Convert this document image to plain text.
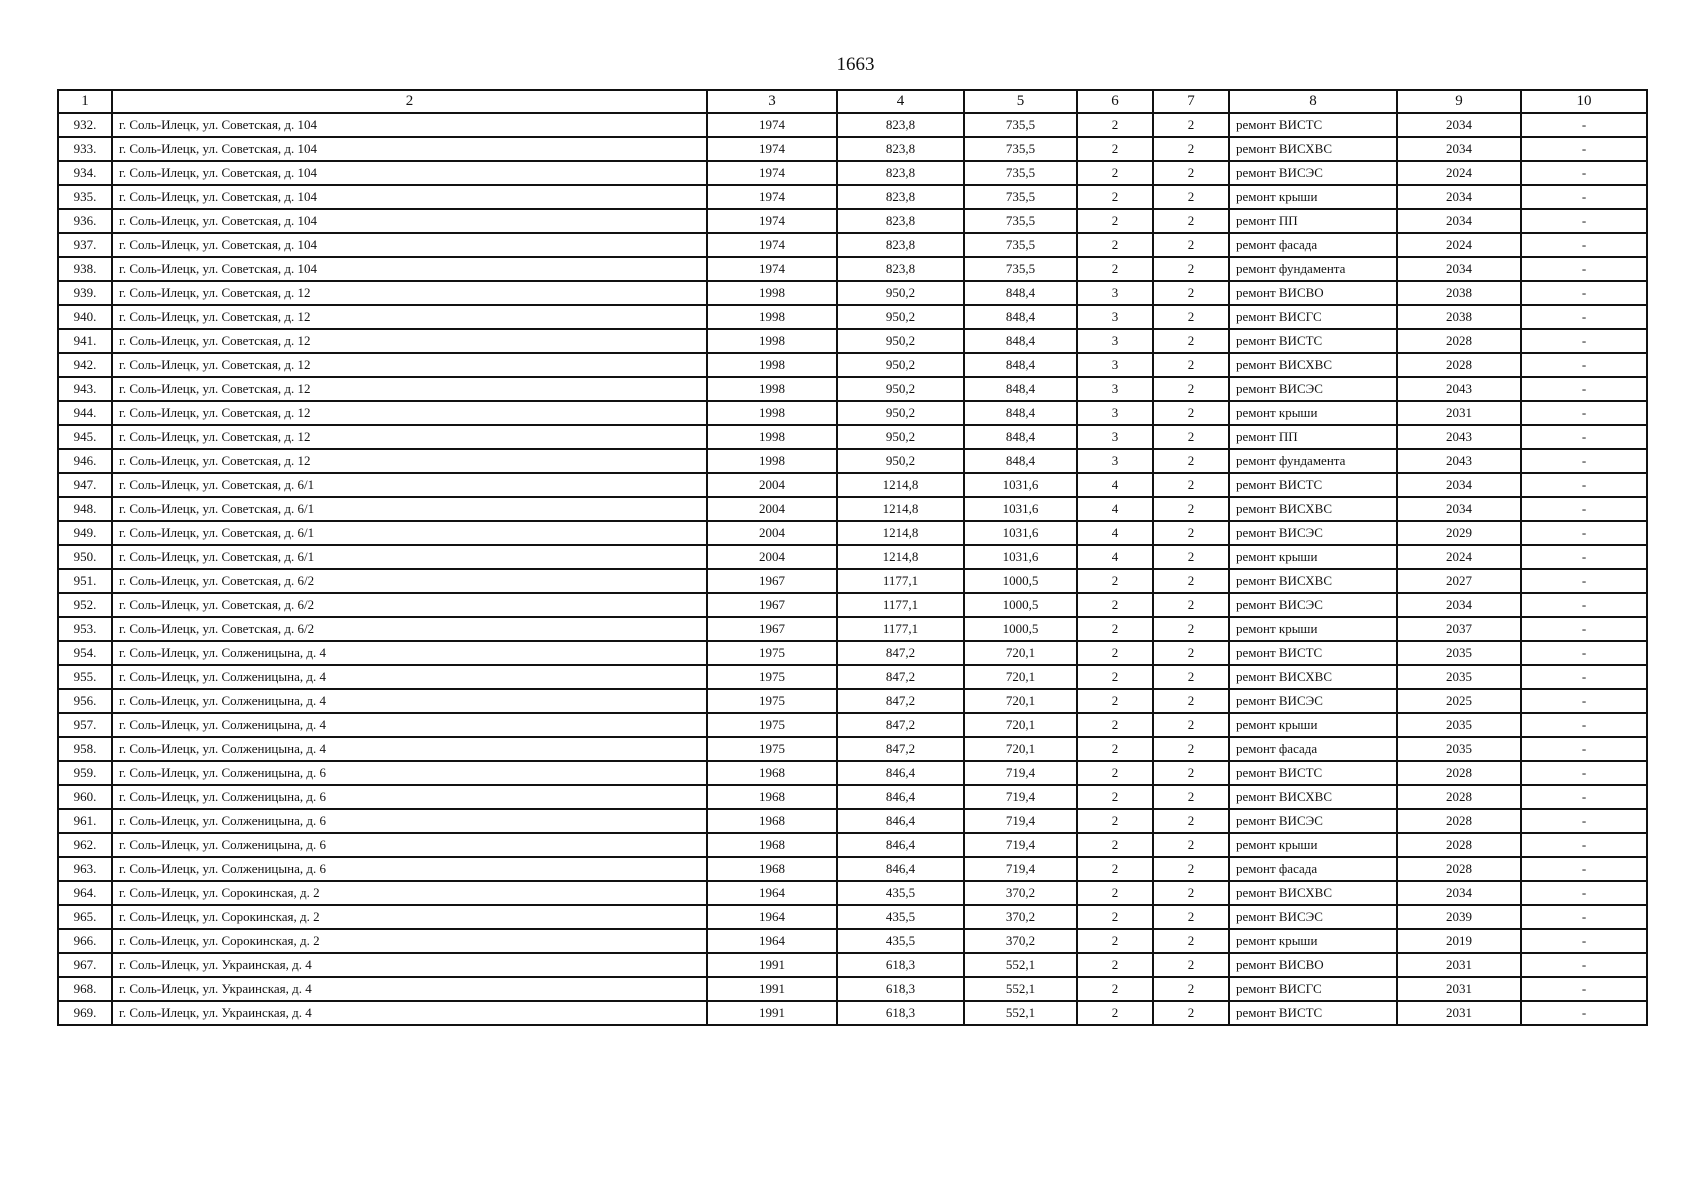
1663
1	2	3	4	5	6	7	8	9	10
932.	г. Соль-Илецк, ул. Советская, д. 104	1974	823,8	735,5	2	2	ремонт ВИСТС	2034	-
933.	г. Соль-Илецк, ул. Советская, д. 104	1974	823,8	735,5	2	2	ремонт ВИСХВС	2034	-
934.	г. Соль-Илецк, ул. Советская, д. 104	1974	823,8	735,5	2	2	ремонт ВИСЭС	2024	-
935.	г. Соль-Илецк, ул. Советская, д. 104	1974	823,8	735,5	2	2	ремонт крыши	2034	-
936.	г. Соль-Илецк, ул. Советская, д. 104	1974	823,8	735,5	2	2	ремонт ПП	2034	-
937.	г. Соль-Илецк, ул. Советская, д. 104	1974	823,8	735,5	2	2	ремонт фасада	2024	-
938.	г. Соль-Илецк, ул. Советская, д. 104	1974	823,8	735,5	2	2	ремонт фундамента	2034	-
939.	г. Соль-Илецк, ул. Советская, д. 12	1998	950,2	848,4	3	2	ремонт ВИСВО	2038	-
940.	г. Соль-Илецк, ул. Советская, д. 12	1998	950,2	848,4	3	2	ремонт ВИСГС	2038	-
941.	г. Соль-Илецк, ул. Советская, д. 12	1998	950,2	848,4	3	2	ремонт ВИСТС	2028	-
942.	г. Соль-Илецк, ул. Советская, д. 12	1998	950,2	848,4	3	2	ремонт ВИСХВС	2028	-
943.	г. Соль-Илецк, ул. Советская, д. 12	1998	950,2	848,4	3	2	ремонт ВИСЭС	2043	-
944.	г. Соль-Илецк, ул. Советская, д. 12	1998	950,2	848,4	3	2	ремонт крыши	2031	-
945.	г. Соль-Илецк, ул. Советская, д. 12	1998	950,2	848,4	3	2	ремонт ПП	2043	-
946.	г. Соль-Илецк, ул. Советская, д. 12	1998	950,2	848,4	3	2	ремонт фундамента	2043	-
947.	г. Соль-Илецк, ул. Советская, д. 6/1	2004	1214,8	1031,6	4	2	ремонт ВИСТС	2034	-
948.	г. Соль-Илецк, ул. Советская, д. 6/1	2004	1214,8	1031,6	4	2	ремонт ВИСХВС	2034	-
949.	г. Соль-Илецк, ул. Советская, д. 6/1	2004	1214,8	1031,6	4	2	ремонт ВИСЭС	2029	-
950.	г. Соль-Илецк, ул. Советская, д. 6/1	2004	1214,8	1031,6	4	2	ремонт крыши	2024	-
951.	г. Соль-Илецк, ул. Советская, д. 6/2	1967	1177,1	1000,5	2	2	ремонт ВИСХВС	2027	-
952.	г. Соль-Илецк, ул. Советская, д. 6/2	1967	1177,1	1000,5	2	2	ремонт ВИСЭС	2034	-
953.	г. Соль-Илецк, ул. Советская, д. 6/2	1967	1177,1	1000,5	2	2	ремонт крыши	2037	-
954.	г. Соль-Илецк, ул. Солженицына, д. 4	1975	847,2	720,1	2	2	ремонт ВИСТС	2035	-
955.	г. Соль-Илецк, ул. Солженицына, д. 4	1975	847,2	720,1	2	2	ремонт ВИСХВС	2035	-
956.	г. Соль-Илецк, ул. Солженицына, д. 4	1975	847,2	720,1	2	2	ремонт ВИСЭС	2025	-
957.	г. Соль-Илецк, ул. Солженицына, д. 4	1975	847,2	720,1	2	2	ремонт крыши	2035	-
958.	г. Соль-Илецк, ул. Солженицына, д. 4	1975	847,2	720,1	2	2	ремонт фасада	2035	-
959.	г. Соль-Илецк, ул. Солженицына, д. 6	1968	846,4	719,4	2	2	ремонт ВИСТС	2028	-
960.	г. Соль-Илецк, ул. Солженицына, д. 6	1968	846,4	719,4	2	2	ремонт ВИСХВС	2028	-
961.	г. Соль-Илецк, ул. Солженицына, д. 6	1968	846,4	719,4	2	2	ремонт ВИСЭС	2028	-
962.	г. Соль-Илецк, ул. Солженицына, д. 6	1968	846,4	719,4	2	2	ремонт крыши	2028	-
963.	г. Соль-Илецк, ул. Солженицына, д. 6	1968	846,4	719,4	2	2	ремонт фасада	2028	-
964.	г. Соль-Илецк, ул. Сорокинская, д. 2	1964	435,5	370,2	2	2	ремонт ВИСХВС	2034	-
965.	г. Соль-Илецк, ул. Сорокинская, д. 2	1964	435,5	370,2	2	2	ремонт ВИСЭС	2039	-
966.	г. Соль-Илецк, ул. Сорокинская, д. 2	1964	435,5	370,2	2	2	ремонт крыши	2019	-
967.	г. Соль-Илецк, ул. Украинская, д. 4	1991	618,3	552,1	2	2	ремонт ВИСВО	2031	-
968.	г. Соль-Илецк, ул. Украинская, д. 4	1991	618,3	552,1	2	2	ремонт ВИСГС	2031	-
969.	г. Соль-Илецк, ул. Украинская, д. 4	1991	618,3	552,1	2	2	ремонт ВИСТС	2031	-
